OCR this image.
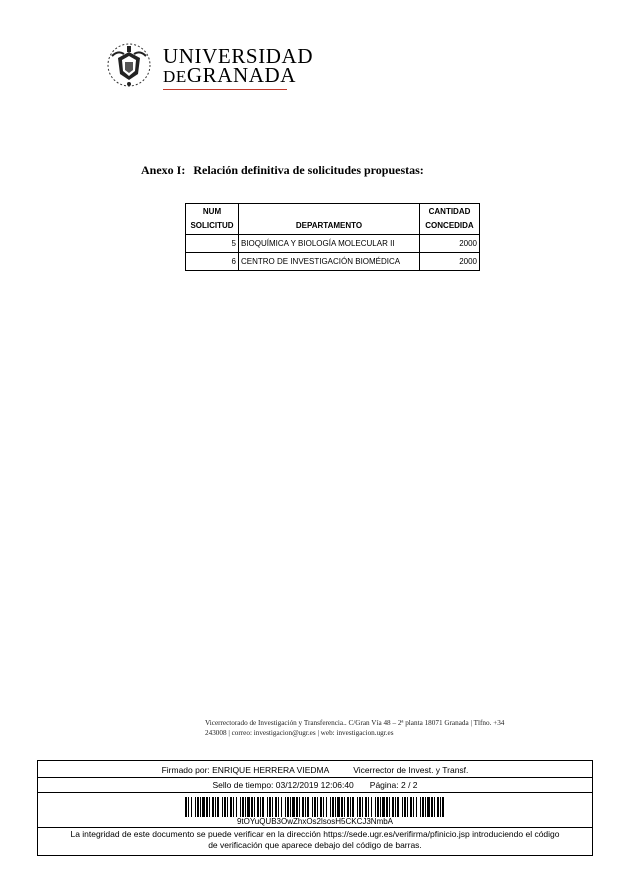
UNIVERSIDAD
DEGRANADA
Anexo I: Relación definitiva de solicitudes propuestas:
NUM
SOLICITUD	DEPARTAMENTO	CANTIDAD
CONCEDIDA
5	BIOQUÍMICA Y BIOLOGÍA MOLECULAR II	2000
6	CENTRO DE INVESTIGACIÓN BIOMÉDICA	2000
Vicerrectorado de Investigación y Transferencia.. C/Gran Vía 48 – 2ª planta 18071 Granada | Tlfno. +34
243008 | correo: investigacion@ugr.es | web: investigacion.ugr.es
Firmado por: ENRIQUE HERRERA VIEDMA	Vicerrector de Invest. y Transf.
Sello de tiempo: 03/12/2019 12:06:40 Página: 2 / 2
9tOYuQUB3OwZhxOs2lsosH5CKCJ3NmbA
La integridad de este documento se puede verificar en la dirección https://sede.ugr.es/verifirma/pfinicio.jsp introduciendo el código
de verificación que aparece debajo del código de barras.
